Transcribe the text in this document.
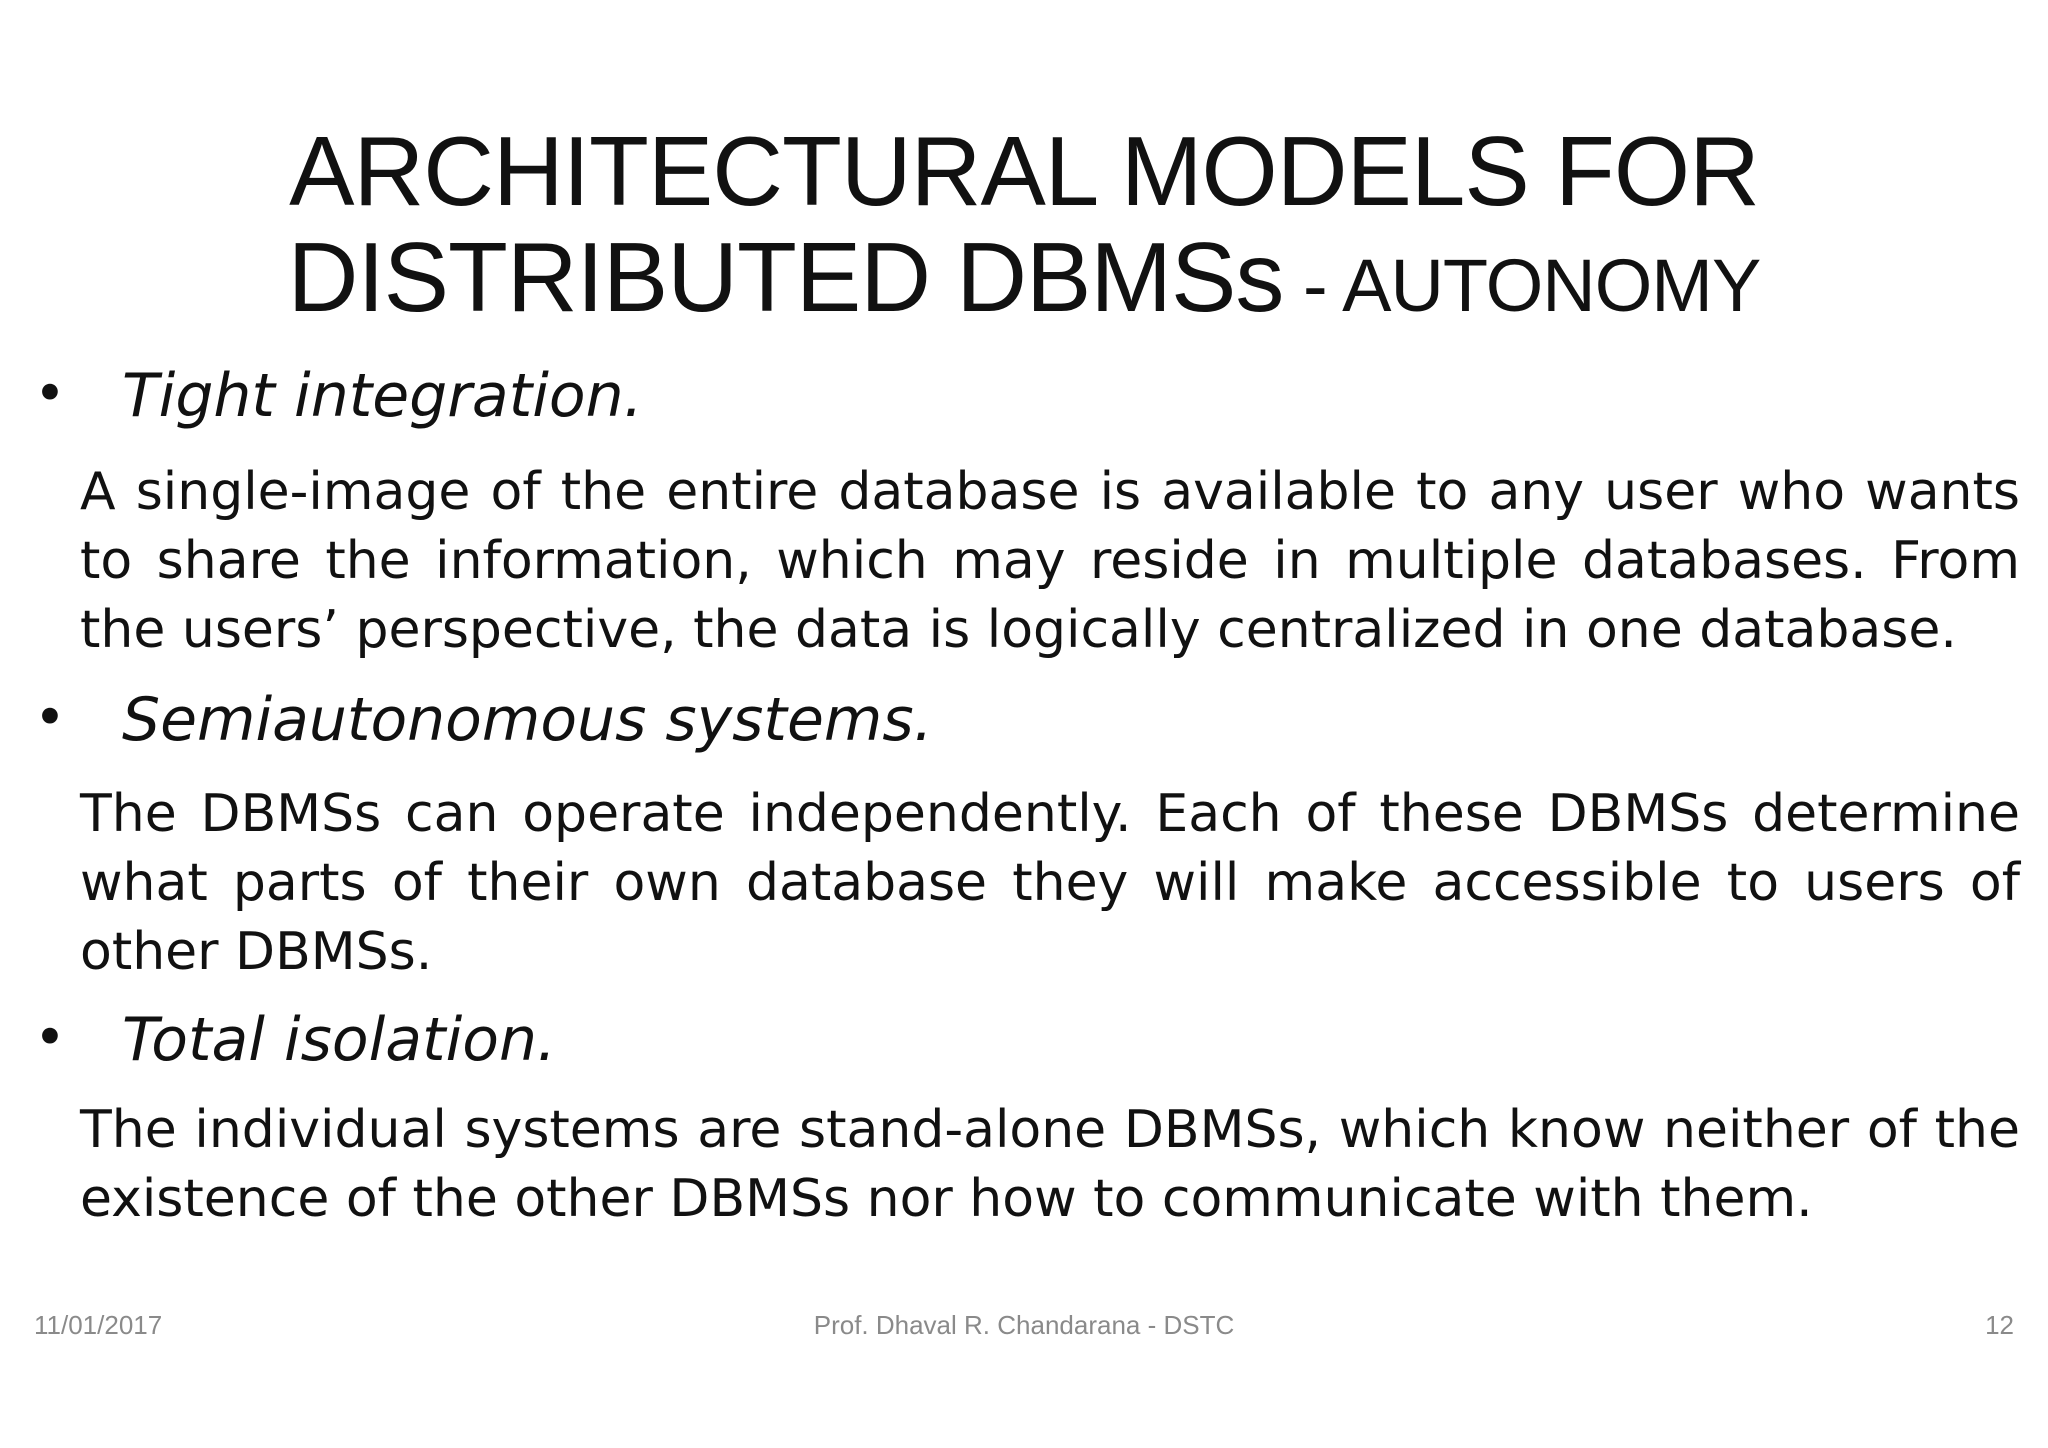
ARCHITECTURAL MODELS FOR
DISTRIBUTED DBMSs - AUTONOMY
• Tight integration.
A single-image of the entire database is available to any user who wants to share the information, which may reside in multiple databases. From the users’ perspective, the data is logically centralized in one database.
• Semiautonomous systems.
The DBMSs can operate independently. Each of these DBMSs determine what parts of their own database they will make accessible to users of other DBMSs.
• Total isolation.
The individual systems are stand-alone DBMSs, which know neither of the existence of the other DBMSs nor how to communicate with them.
11/01/2017	Prof. Dhaval R. Chandarana - DSTC	12
